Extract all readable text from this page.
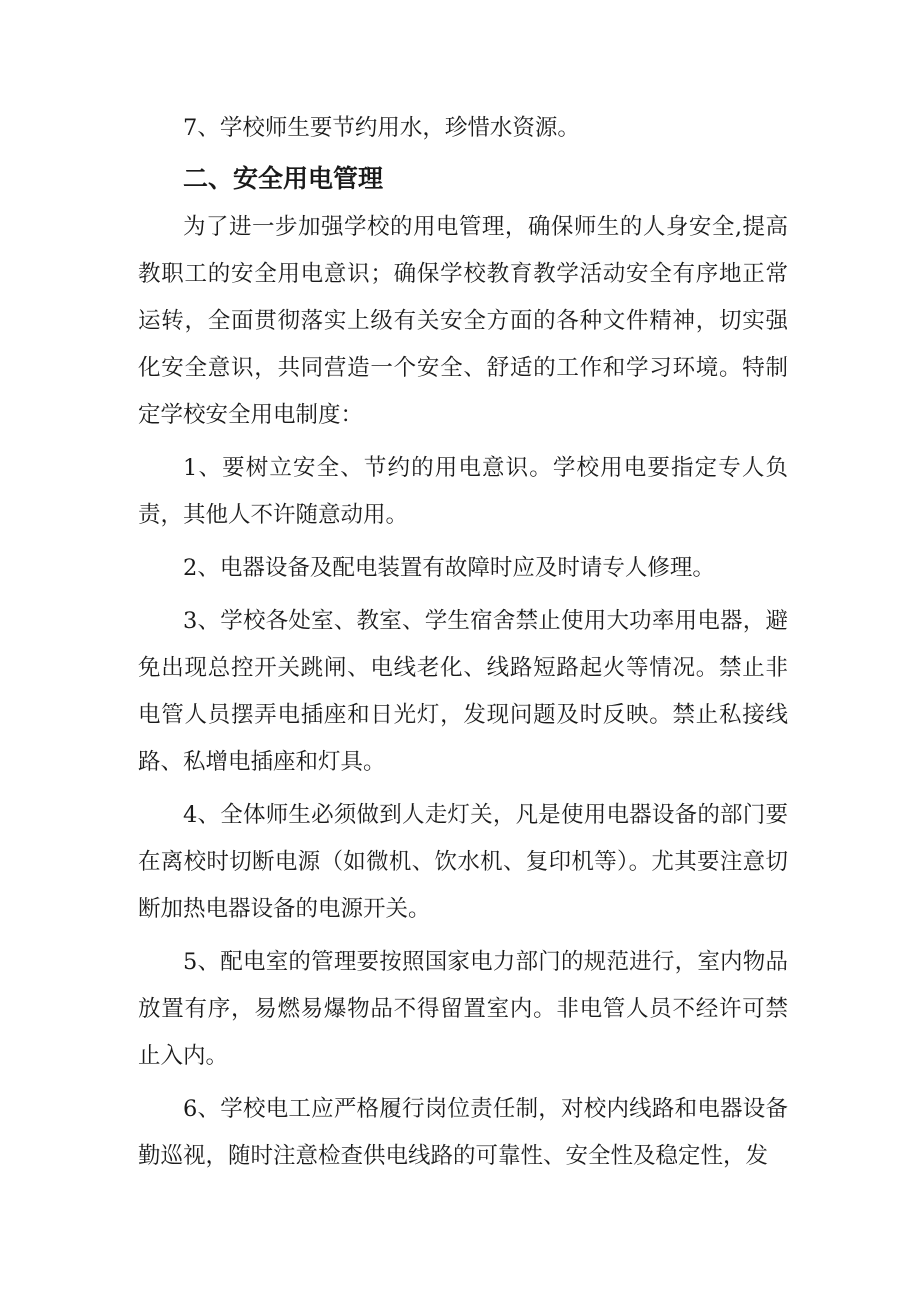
7、学校师生要节约用水，珍惜水资源。

二、安全用电管理

为了进一步加强学校的用电管理，确保师生的人身安全,提高教职工的安全用电意识；确保学校教育教学活动安全有序地正常运转，全面贯彻落实上级有关安全方面的各种文件精神，切实强化安全意识，共同营造一个安全、舒适的工作和学习环境。特制定学校安全用电制度：

1、要树立安全、节约的用电意识。学校用电要指定专人负责，其他人不许随意动用。

2、电器设备及配电装置有故障时应及时请专人修理。

3、学校各处室、教室、学生宿舍禁止使用大功率用电器，避免出现总控开关跳闸、电线老化、线路短路起火等情况。禁止非电管人员摆弄电插座和日光灯，发现问题及时反映。禁止私接线路、私增电插座和灯具。

4、全体师生必须做到人走灯关，凡是使用电器设备的部门要在离校时切断电源（如微机、饮水机、复印机等）。尤其要注意切断加热电器设备的电源开关。

5、配电室的管理要按照国家电力部门的规范进行，室内物品放置有序，易燃易爆物品不得留置室内。非电管人员不经许可禁止入内。

6、学校电工应严格履行岗位责任制，对校内线路和电器设备勤巡视，随时注意检查供电线路的可靠性、安全性及稳定性，发
